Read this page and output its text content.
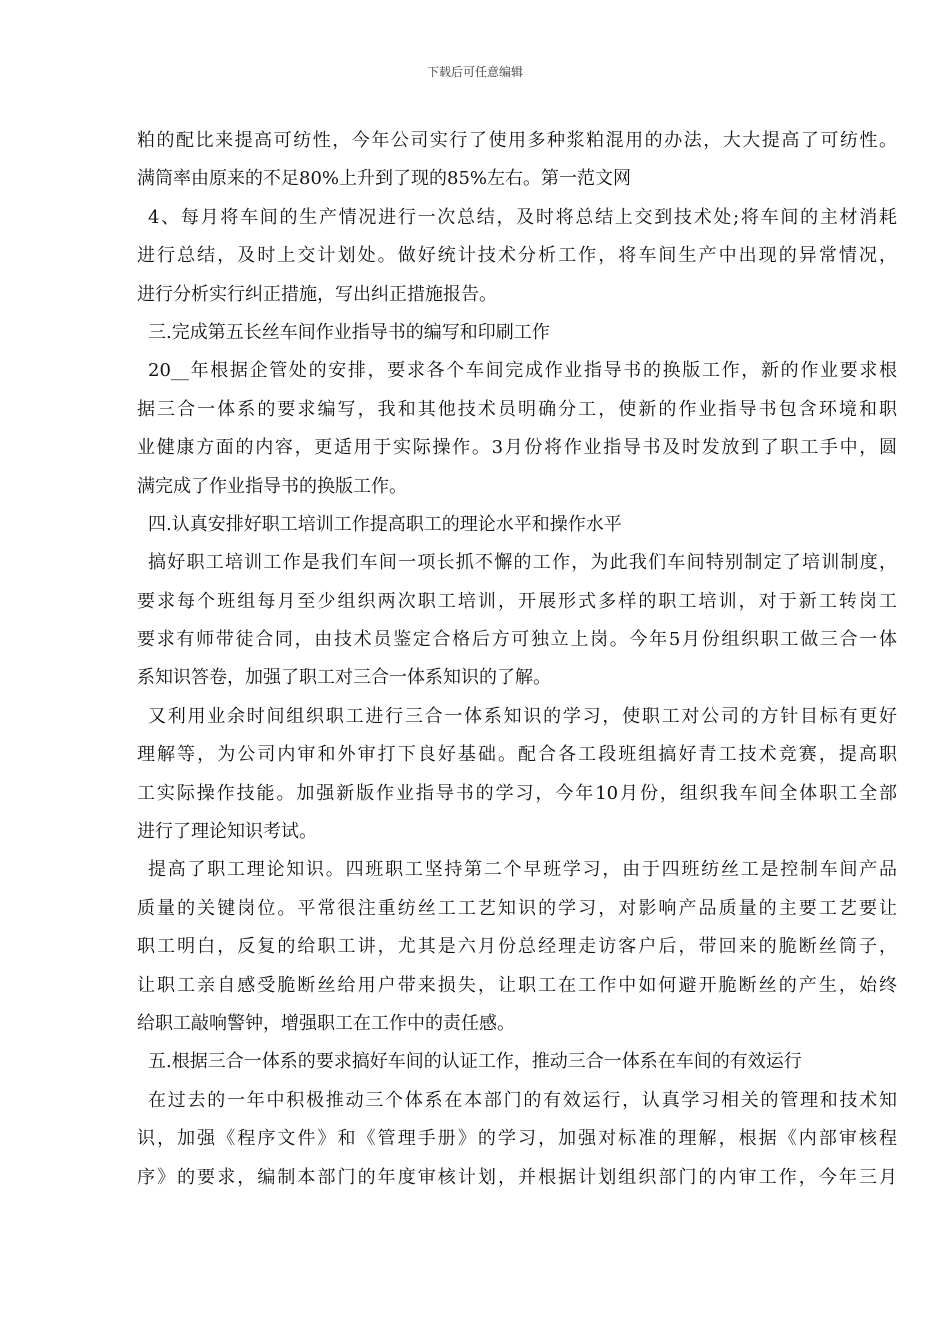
下载后可任意编辑
粕的配比来提高可纺性，今年公司实行了使用多种浆粕混用的办法，大大提高了可纺性。
满筒率由原来的不足80%上升到了现的85%左右。第一范文网
4、每月将车间的生产情况进行一次总结，及时将总结上交到技术处;将车间的主材消耗
进行总结，及时上交计划处。做好统计技术分析工作，将车间生产中出现的异常情况，
进行分析实行纠正措施，写出纠正措施报告。
三.完成第五长丝车间作业指导书的编写和印刷工作
20__年根据企管处的安排，要求各个车间完成作业指导书的换版工作，新的作业要求根
据三合一体系的要求编写，我和其他技术员明确分工，使新的作业指导书包含环境和职
业健康方面的内容，更适用于实际操作。3月份将作业指导书及时发放到了职工手中，圆
满完成了作业指导书的换版工作。
四.认真安排好职工培训工作提高职工的理论水平和操作水平
搞好职工培训工作是我们车间一项长抓不懈的工作，为此我们车间特别制定了培训制度，
要求每个班组每月至少组织两次职工培训，开展形式多样的职工培训，对于新工转岗工
要求有师带徒合同，由技术员鉴定合格后方可独立上岗。今年5月份组织职工做三合一体
系知识答卷，加强了职工对三合一体系知识的了解。
又利用业余时间组织职工进行三合一体系知识的学习，使职工对公司的方针目标有更好
理解等，为公司内审和外审打下良好基础。配合各工段班组搞好青工技术竞赛，提高职
工实际操作技能。加强新版作业指导书的学习，今年10月份，组织我车间全体职工全部
进行了理论知识考试。
提高了职工理论知识。四班职工坚持第二个早班学习，由于四班纺丝工是控制车间产品
质量的关键岗位。平常很注重纺丝工工艺知识的学习，对影响产品质量的主要工艺要让
职工明白，反复的给职工讲，尤其是六月份总经理走访客户后，带回来的脆断丝筒子，
让职工亲自感受脆断丝给用户带来损失，让职工在工作中如何避开脆断丝的产生，始终
给职工敲响警钟，增强职工在工作中的责任感。
五.根据三合一体系的要求搞好车间的认证工作，推动三合一体系在车间的有效运行
在过去的一年中积极推动三个体系在本部门的有效运行，认真学习相关的管理和技术知
识，加强《程序文件》和《管理手册》的学习，加强对标准的理解，根据《内部审核程
序》的要求，编制本部门的年度审核计划，并根据计划组织部门的内审工作，今年三月
